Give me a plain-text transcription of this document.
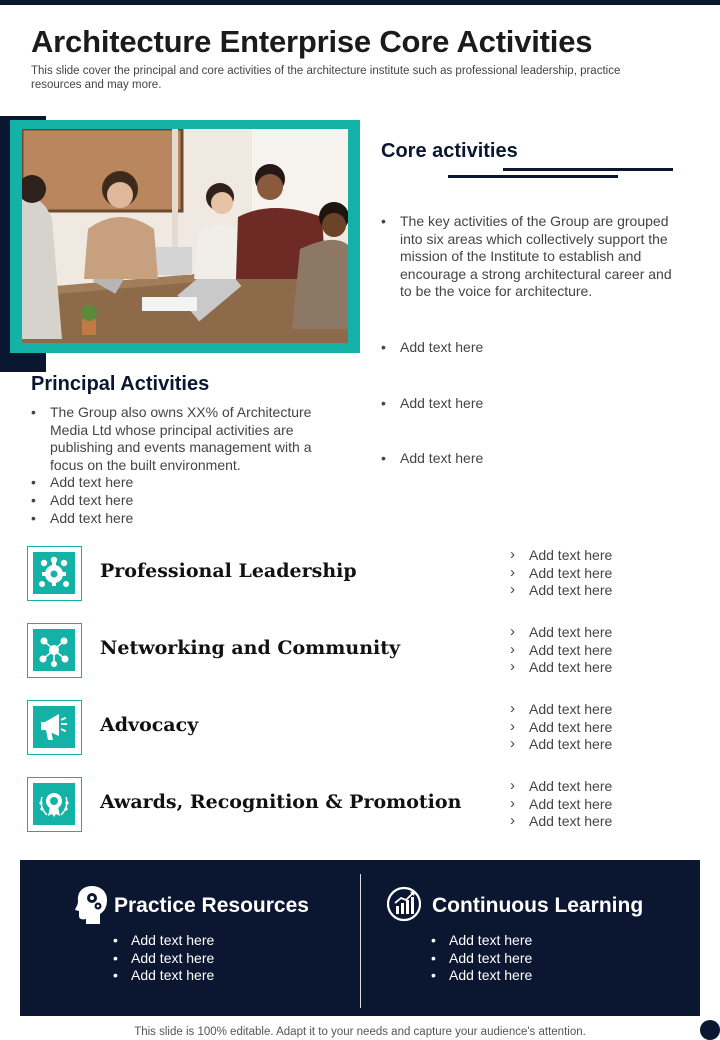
Architecture Enterprise Core Activities
This slide cover the principal and core activities of the architecture institute such as professional leadership, practice resources and may more.
Core activities
• The key activities of the Group are grouped into six areas which collectively support the mission of the Institute to establish and encourage a strong architectural career and to be the voice for architecture.
• Add text here
• Add text here
• Add text here
Principal Activities
• The Group also owns XX% of Architecture Media Ltd whose principal activities are publishing and events management with a focus on the built environment.
• Add text here
• Add text here
• Add text here
Professional Leadership
› Add text here
› Add text here
› Add text here
Networking and Community
› Add text here
› Add text here
› Add text here
Advocacy
› Add text here
› Add text here
› Add text here
Awards, Recognition & Promotion
› Add text here
› Add text here
› Add text here
Practice Resources
• Add text here
• Add text here
• Add text here
Continuous Learning
• Add text here
• Add text here
• Add text here
This slide is 100% editable. Adapt it to your needs and capture your audience's attention.
